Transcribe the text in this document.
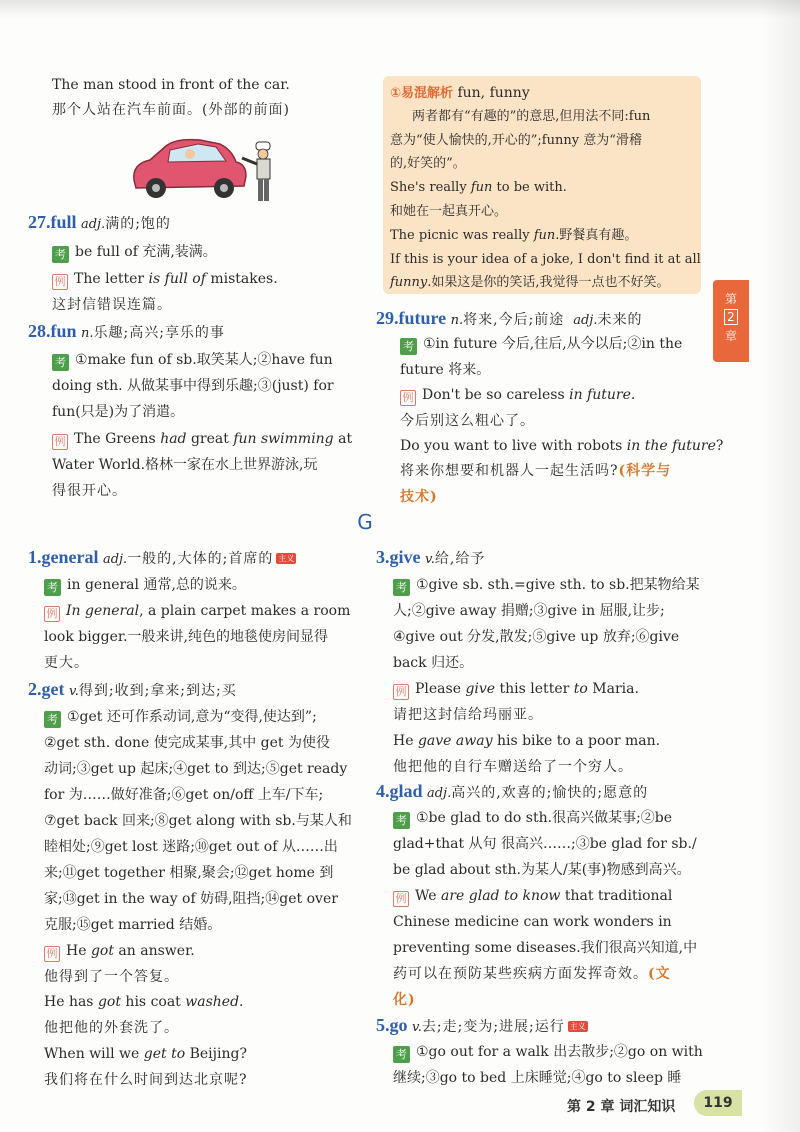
The man stood in front of the car.
那个人站在汽车前面。(外部的前面)
27.full adj.满的;饱的
考 be full of 充满,装满。
例 The letter is full of mistakes.
这封信错误连篇。
28.fun n.乐趣;高兴;享乐的事
考 ①make fun of sb.取笑某人;②have fun
doing sth. 从做某事中得到乐趣;③(just) for
fun(只是)为了消遣。
例 The Greens had great fun swimming at
Water World.格林一家在水上世界游泳,玩
得很开心。
①易混解析 fun, funny
两者都有“有趣的”的意思,但用法不同:fun
意为“使人愉快的,开心的”;funny 意为“滑稽
的,好笑的”。
She's really fun to be with.
和她在一起真开心。
The picnic was really fun.野餐真有趣。
If this is your idea of a joke, I don't find it at all
funny.如果这是你的笑话,我觉得一点也不好笑。
第
2
章
29.future n.将来,今后;前途 adj.未来的
考 ①in future 今后,往后,从今以后;②in the
future 将来。
例 Don't be so careless in future.
今后别这么粗心了。
Do you want to live with robots in the future?
将来你想要和机器人一起生活吗?(科学与
技术)
G
1.general adj.一般的,大体的;首席的 主义
考 in general 通常,总的说来。
例 In general, a plain carpet makes a room
look bigger.一般来讲,纯色的地毯使房间显得
更大。
2.get v.得到;收到;拿来;到达;买
考 ①get 还可作系动词,意为“变得,使达到”;
②get sth. done 使完成某事,其中 get 为使役
动词;③get up 起床;④get to 到达;⑤get ready
for 为……做好准备;⑥get on/off 上车/下车;
⑦get back 回来;⑧get along with sb.与某人和
睦相处;⑨get lost 迷路;⑩get out of 从……出
来;⑪get together 相聚,聚会;⑫get home 到
家;⑬get in the way of 妨碍,阻挡;⑭get over
克服;⑮get married 结婚。
例 He got an answer.
他得到了一个答复。
He has got his coat washed.
他把他的外套洗了。
When will we get to Beijing?
我们将在什么时间到达北京呢?
3.give v.给,给予
考 ①give sb. sth.=give sth. to sb.把某物给某
人;②give away 捐赠;③give in 屈服,让步;
④give out 分发,散发;⑤give up 放弃;⑥give
back 归还。
例 Please give this letter to Maria.
请把这封信给玛丽亚。
He gave away his bike to a poor man.
他把他的自行车赠送给了一个穷人。
4.glad adj.高兴的,欢喜的;愉快的;愿意的
考 ①be glad to do sth.很高兴做某事;②be
glad+that 从句 很高兴……;③be glad for sb./
be glad about sth.为某人/某(事)物感到高兴。
例 We are glad to know that traditional
Chinese medicine can work wonders in
preventing some diseases.我们很高兴知道,中
药可以在预防某些疾病方面发挥奇效。(文
化)
5.go v.去;走;变为;进展;运行 主义
考 ①go out for a walk 出去散步;②go on with
继续;③go to bed 上床睡觉;④go to sleep 睡
第 2 章 词汇知识	119
